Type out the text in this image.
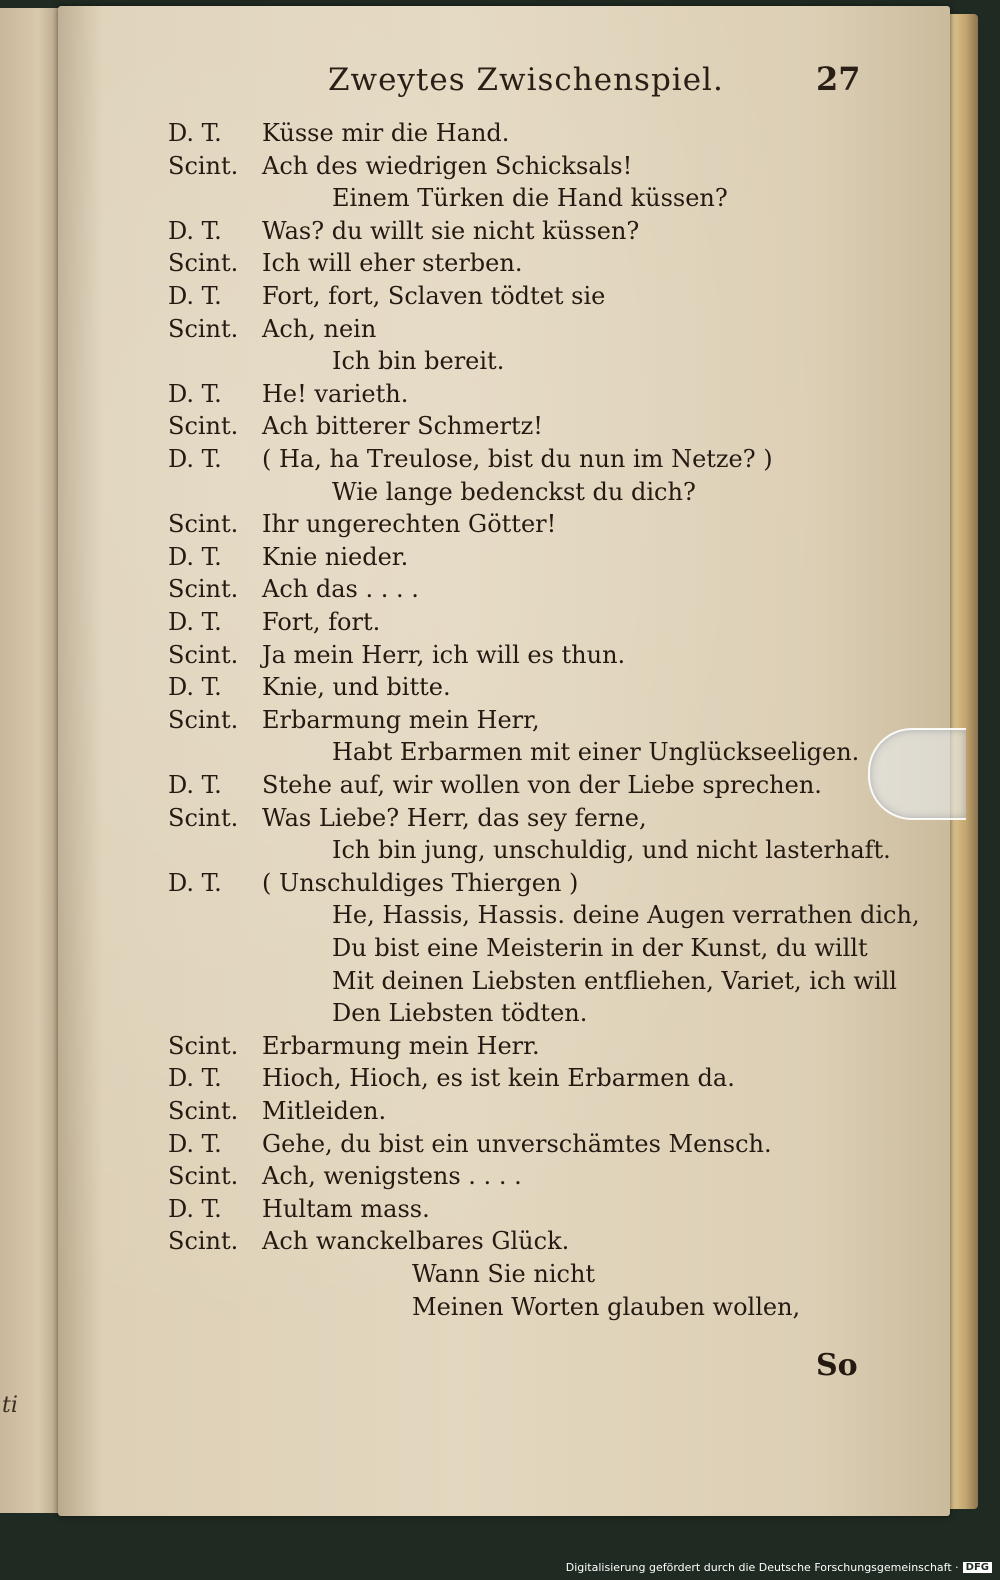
ti
Zweytes Zwischenspiel.	27
D. T. Küsse mir die Hand.
Scint. Ach des wiedrigen Schicksals!
Einem Türken die Hand küssen?
D. T. Was? du willt sie nicht küssen?
Scint. Ich will eher sterben.
D. T. Fort, fort, Sclaven tödtet sie
Scint. Ach, nein
Ich bin bereit.
D. T. He! varieth.
Scint. Ach bitterer Schmertz!
D. T. ( Ha, ha Treulose, bist du nun im Netze? )
Wie lange bedenckst du dich?
Scint. Ihr ungerechten Götter!
D. T. Knie nieder.
Scint. Ach das . . . .
D. T. Fort, fort.
Scint. Ja mein Herr, ich will es thun.
D. T. Knie, und bitte.
Scint. Erbarmung mein Herr,
Habt Erbarmen mit einer Unglückseeligen.
D. T. Stehe auf, wir wollen von der Liebe sprechen.
Scint. Was Liebe? Herr, das sey ferne,
Ich bin jung, unschuldig, und nicht lasterhaft.
D. T. ( Unschuldiges Thiergen )
He, Hassis, Hassis. deine Augen verrathen dich,
Du bist eine Meisterin in der Kunst, du willt
Mit deinen Liebsten entfliehen, Variet, ich will
Den Liebsten tödten.
Scint. Erbarmung mein Herr.
D. T. Hioch, Hioch, es ist kein Erbarmen da.
Scint. Mitleiden.
D. T. Gehe, du bist ein unverschämtes Mensch.
Scint. Ach, wenigstens . . . .
D. T. Hultam mass.
Scint. Ach wanckelbares Glück.
Wann Sie nicht
Meinen Worten glauben wollen,
So
Digitalisierung gefördert durch die Deutsche Forschungsgemeinschaft · DFG
